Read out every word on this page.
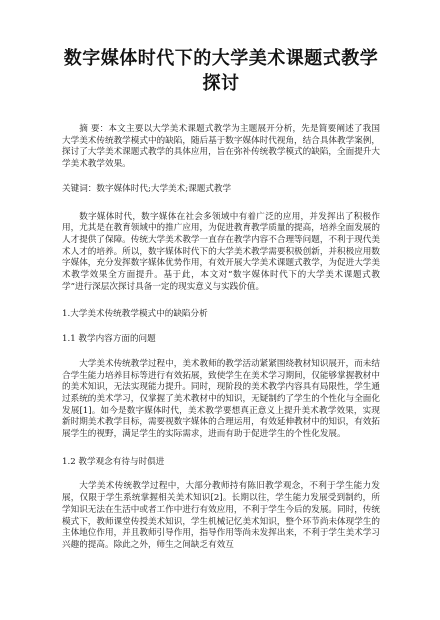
数字媒体时代下的大学美术课题式教学
探讨

摘 要：本文主要以大学美术课题式教学为主题展开分析，先是简要阐述了我国大学美术传统教学模式中的缺陷，随后基于数字媒体时代视角，结合具体教学案例，探讨了大学美术课题式教学的具体应用，旨在弥补传统教学模式的缺陷，全面提升大学美术教学效果。

关键词：数字媒体时代;大学美术;课题式教学

数字媒体时代，数字媒体在社会多领域中有着广泛的应用，并发挥出了积极作用，尤其是在教育领域中的推广应用，为促进教育教学质量的提高，培养全面发展的人才提供了保障。传统大学美术教学一直存在教学内容不合理等问题，不利于现代美术人才的培养。所以，数字媒体时代下的大学美术教学需要积极创新，并积极应用数字媒体，充分发挥数字媒体优势作用，有效开展大学美术课题式教学，为促进大学美术教学效果全方面提升。基于此，本文对“数字媒体时代下的大学美术课题式教学”进行深层次探讨具备一定的现实意义与实践价值。

1.大学美术传统教学模式中的缺陷分析

1.1 教学内容方面的问题

大学美术传统教学过程中，美术教师的教学活动紧紧围绕教材知识展开，而未结合学生能力培养目标等进行有效拓展，致使学生在美术学习期间，仅能够掌握教材中的美术知识，无法实现能力提升。同时，现阶段的美术教学内容具有局限性，学生通过系统的美术学习，仅掌握了美术教材中的知识，无疑制约了学生的个性化与全面化发展[1]。如今是数字媒体时代，美术教学要想真正意义上提升美术教学效果，实现新时期美术教学目标，需要视数字媒体的合理运用，有效延伸教材中的知识，有效拓展学生的视野，满足学生的实际需求，进而有助于促进学生的个性化发展。

1.2 教学观念有待与时俱进

大学美术传统教学过程中，大部分教师持有陈旧教学观念，不利于学生能力发展，仅限于学生系统掌握相关美术知识[2]。长期以往，学生能力发展受到制约，所学知识无法在生活中或者工作中进行有效应用，不利于学生今后的发展。同时，传统模式下，教师课堂传授美术知识，学生机械记忆美术知识，整个环节尚未体现学生的主体地位作用，并且教师引导作用，指导作用等尚未发挥出来，不利于学生美术学习兴趣的提高。除此之外，师生之间缺乏有效互
